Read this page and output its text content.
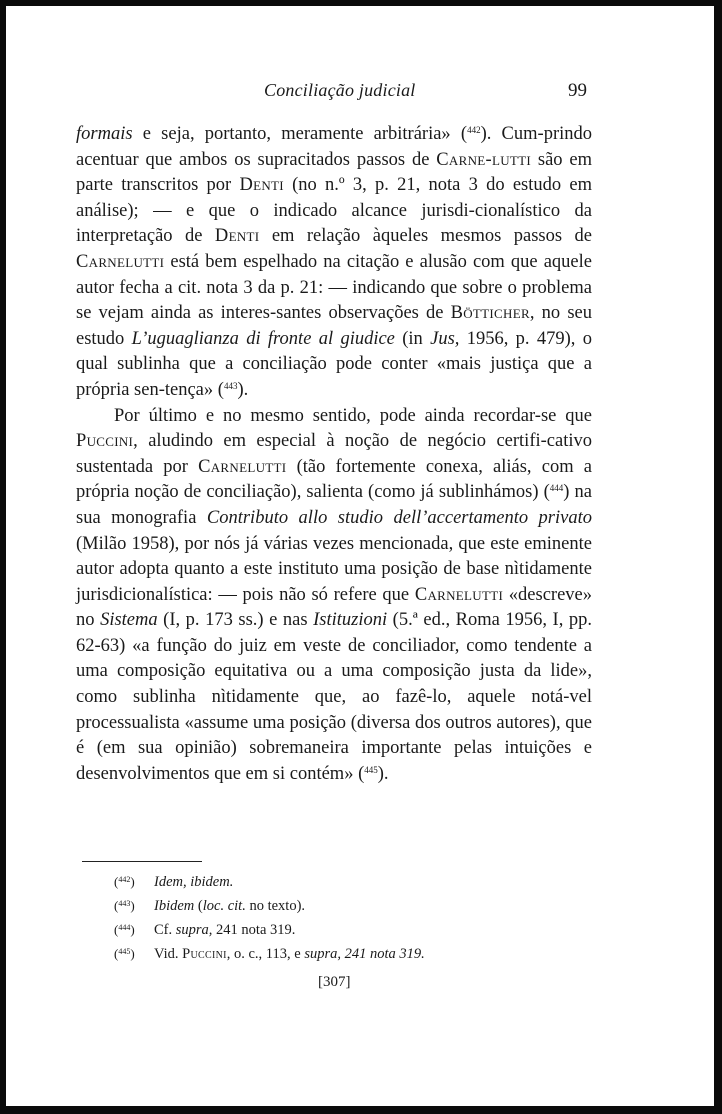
Conciliação judicial	99

formais e seja, portanto, meramente arbitrária» ($^{442}$). Cum-prindo acentuar que ambos os supracitados passos de Carne-lutti são em parte transcritos por Denti (no n.º 3, p. 21, nota 3 do estudo em análise); — e que o indicado alcance jurisdi-cionalístico da interpretação de Denti em relação àqueles mesmos passos de Carnelutti está bem espelhado na citação e alusão com que aquele autor fecha a cit. nota 3 da p. 21: — indicando que sobre o problema se vejam ainda as interes-santes observações de Bötticher, no seu estudo L’uguaglianza di fronte al giudice (in Jus, 1956, p. 479), o qual sublinha que a conciliação pode conter «mais justiça que a própria sen-tença» ($^{443}$).

Por último e no mesmo sentido, pode ainda recordar-se que Puccini, aludindo em especial à noção de negócio certifi-cativo sustentada por Carnelutti (tão fortemente conexa, aliás, com a própria noção de conciliação), salienta (como já sublinhámos) ($^{444}$) na sua monografia Contributo allo studio dell’accertamento privato (Milão 1958), por nós já várias vezes mencionada, que este eminente autor adopta quanto a este instituto uma posição de base nìtidamente jurisdicionalística: — pois não só refere que Carnelutti «descreve» no Sistema (I, p. 173 ss.) e nas Istituzioni (5.ª ed., Roma 1956, I, pp. 62-63) «a função do juiz em veste de conciliador, como tendente a uma composição equitativa ou a uma composição justa da lide», como sublinha nìtidamente que, ao fazê-lo, aquele notá-vel processualista «assume uma posição (diversa dos outros autores), que é (em sua opinião) sobremaneira importante pelas intuições e desenvolvimentos que em si contém» ($^{445}$).

($^{442}$) Idem, ibidem.
($^{443}$) Ibidem (loc. cit. no texto).
($^{444}$) Cf. supra, 241 nota 319.
($^{445}$) Vid. Puccini, o. c., 113, e supra, 241 nota 319.
[307]
